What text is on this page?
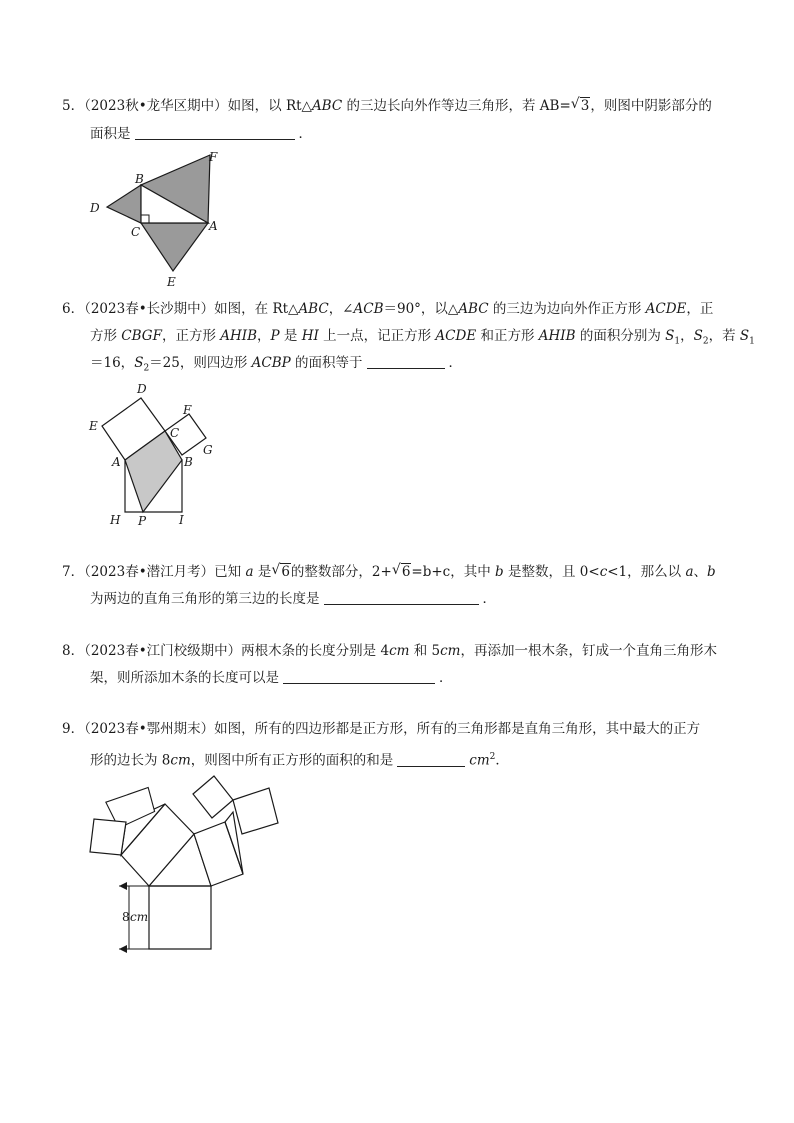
5．（2023秋•龙华区期中）如图，以 Rt△ABC 的三边长向外作等边三角形，若 AB= √ 3，则图中阴影部分的
面积是	．
F
B
D
C	A
E
6．（2023春•长沙期中）如图，在 Rt△ABC，∠ACB＝90°，以△ABC 的三边为边向外作正方形 ACDE，正
方形 CBGF，正方形 AHIB，P 是 HI 上一点，记正方形 ACDE 和正方形 AHIB 的面积分别为 $S_1$，$S_2$，若 $S_1$
＝16，$S_2=25$，则四边形 ACBP 的面积等于	．
D
F
E	C
G
A	B
H P	I
7．（2023春•潜江月考）已知 a 是 √ 6的整数部分，2+ √ 6=b+c，其中 b 是整数，且 0<c<1，那么以 a、b
为两边的直角三角形的第三边的长度是	．
8．（2023春•江门校级期中）两根木条的长度分别是 4cm 和 5cm，再添加一根木条，钉成一个直角三角形木
架，则所添加木条的长度可以是	．
9．（2023春•鄂州期末）如图，所有的四边形都是正方形，所有的三角形都是直角三角形，其中最大的正方
形的边长为 8cm，则图中所有正方形的面积的和是	$cm^2$．
8 cm
